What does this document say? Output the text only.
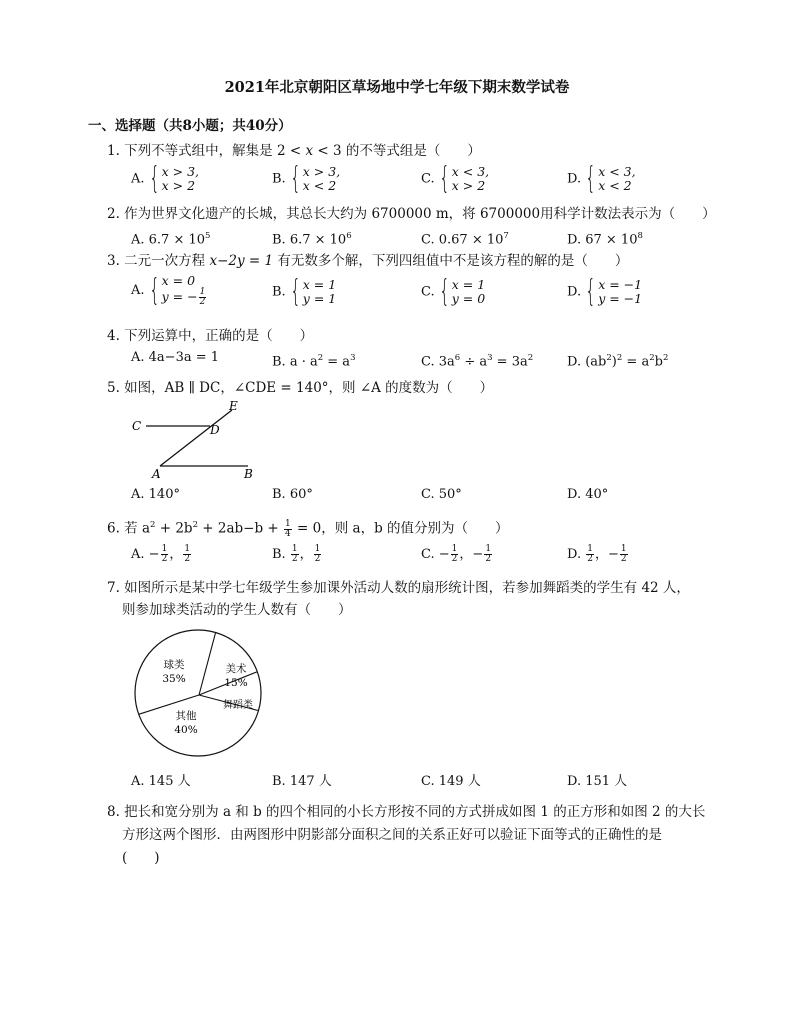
2021年北京朝阳区草场地中学七年级下期末数学试卷
一、选择题（共8小题；共40分）
1. 下列不等式组中，解集是 2 < x < 3 的不等式组是（　　）
A. { x > 3,
x > 2	B. { x > 3,
x < 2	C. { x < 3,
x > 2	D. { x < 3,
x < 2
2. 作为世界文化遗产的长城，其总长大约为 6700000 m，将 6700000用科学计数法表示为（　　）
A. $6.7 \times 10^5$	B. $6.7 \times 10^6$	C. $0.67 \times 10^7$	D. $67 \times 10^8$
3. 二元一次方程 x−2y = 1 有无数多个解，下列四组值中不是该方程的解的是（　　）
A. { x = 0
y = − $\frac{1}{2}$	B. { x = 1
y = 1	C. { x = 1
y = 0	D. { x = −1
y = −1
4. 下列运算中，正确的是（　　）
A. 4a−3a = 1	B. $a \cdot a^2 = a^3$	C. $3a^6 \div a^3 = 3a^2$	D. $(ab^2)^2 = a^2b^2$
5. 如图，AB ∥ DC，∠CDE = 140°，则 ∠A 的度数为（　　）
C	D
E
A	B
A. 140°	B. 60°	C. 50°	D. 40°
6. 若 $a^2 + 2b^2 + 2ab-b + \frac{1}{4} = 0$，则 a，b 的值分别为（　　）
A. − $\frac{1}{2}$ ， $\frac{1}{2}$	B. $\frac{1}{2}$ ， $\frac{1}{2}$	C. − $\frac{1}{2}$ ，− $\frac{1}{2}$	D. $\frac{1}{2}$ ，− $\frac{1}{2}$
7. 如图所示是某中学七年级学生参加课外活动人数的扇形统计图，若参加舞蹈类的学生有 42 人，
则参加球类活动的学生人数有（　　）
球类
35%
美术
15%
舞蹈类
其他
40%
A. 145 人	B. 147 人	C. 149 人	D. 151 人
8. 把长和宽分别为 a 和 b 的四个相同的小长方形按不同的方式拼成如图 1 的正方形和如图 2 的大长
方形这两个图形．由两图形中阴影部分面积之间的关系正好可以验证下面等式的正确性的是
(　　)
